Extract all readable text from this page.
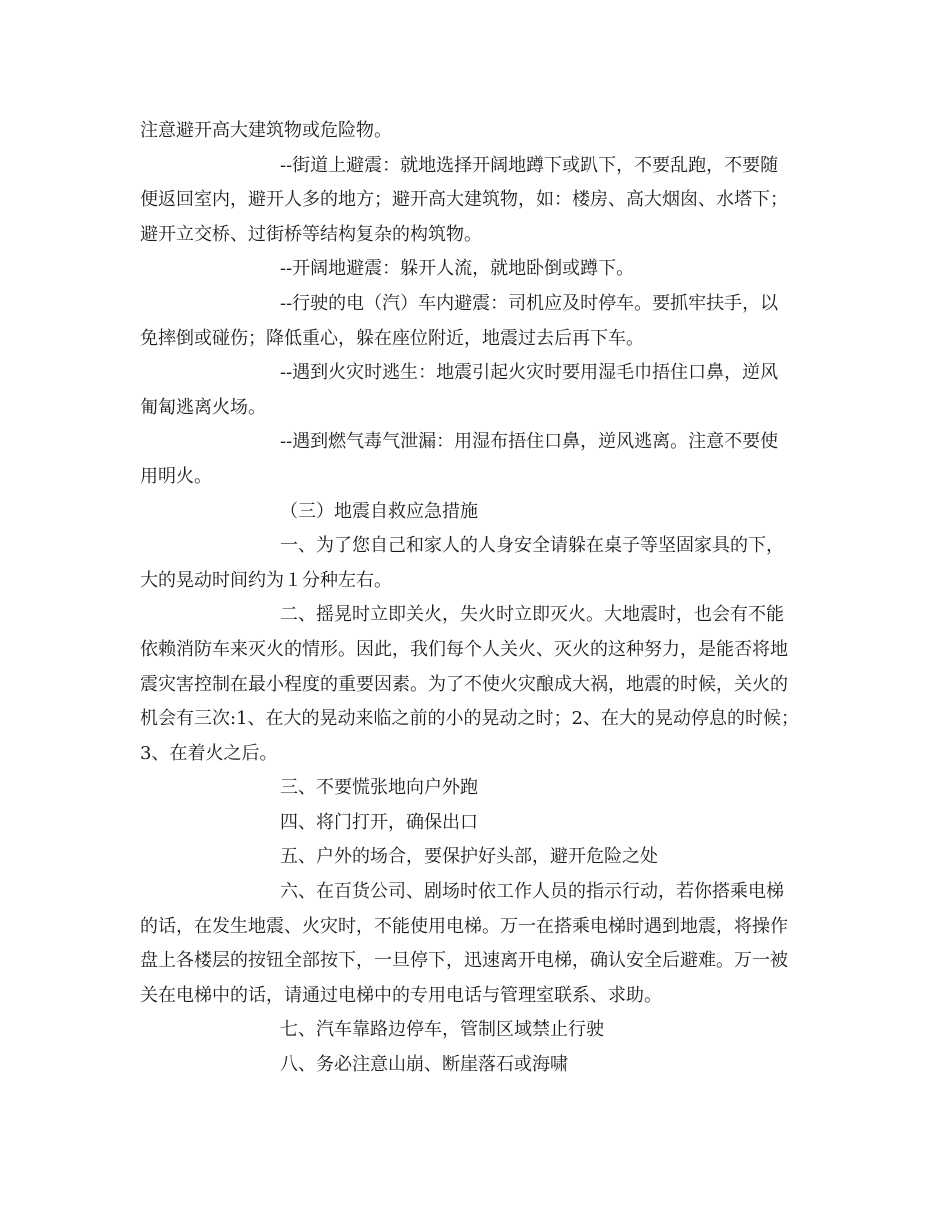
注意避开高大建筑物或危险物。

--街道上避震：就地选择开阔地蹲下或趴下，不要乱跑，不要随

便返回室内，避开人多的地方；避开高大建筑物，如：楼房、高大烟囱、水塔下；

避开立交桥、过街桥等结构复杂的构筑物。

--开阔地避震：躲开人流，就地卧倒或蹲下。

--行驶的电（汽）车内避震：司机应及时停车。要抓牢扶手，以

免摔倒或碰伤；降低重心，躲在座位附近，地震过去后再下车。

--遇到火灾时逃生：地震引起火灾时要用湿毛巾捂住口鼻，逆风

匍匐逃离火场。

--遇到燃气毒气泄漏：用湿布捂住口鼻，逆风逃离。注意不要使

用明火。

（三）地震自救应急措施

一、为了您自己和家人的人身安全请躲在桌子等坚固家具的下，

大的晃动时间约为１分种左右。

二、摇晃时立即关火，失火时立即灭火。大地震时，也会有不能

依赖消防车来灭火的情形。因此，我们每个人关火、灭火的这种努力，是能否将地

震灾害控制在最小程度的重要因素。为了不使火灾酿成大祸，地震的时候，关火的

机会有三次:1、在大的晃动来临之前的小的晃动之时；2、在大的晃动停息的时候；

3、在着火之后。

三、不要慌张地向户外跑

四、将门打开，确保出口

五、户外的场合，要保护好头部，避开危险之处

六、在百货公司、剧场时依工作人员的指示行动，若你搭乘电梯

的话，在发生地震、火灾时，不能使用电梯。万一在搭乘电梯时遇到地震，将操作

盘上各楼层的按钮全部按下，一旦停下，迅速离开电梯，确认安全后避难。万一被

关在电梯中的话，请通过电梯中的专用电话与管理室联系、求助。

七、汽车靠路边停车，管制区域禁止行驶

八、务必注意山崩、断崖落石或海啸
